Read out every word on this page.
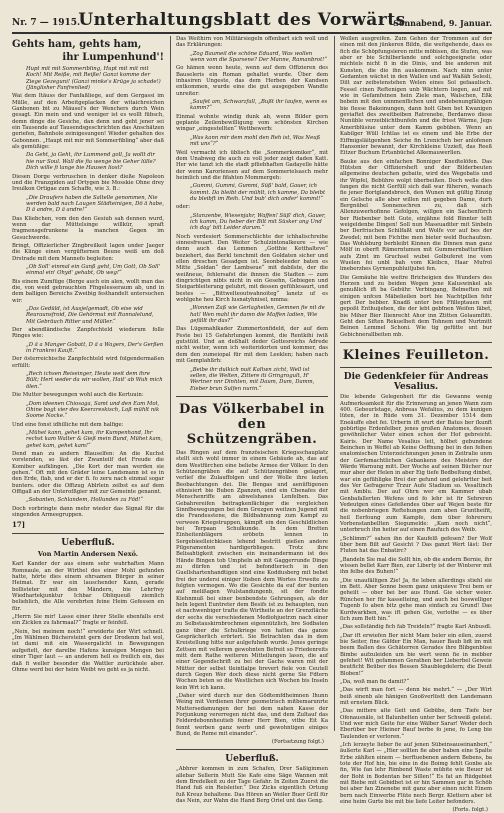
Nr. 7 — 1915.
Unterhaltungsblatt des Vorwärts
Sonnabend, 9. Januar.
Gehts ham, gehts ham,
ihr Lumpenhund'!

Hupt mit mit Sommeribling, Hupt mit mit mit Koch! Mit Reiße, mit Reiße! Ganzi komme der Ziege Gezeguni! (Ganzi minke's Krüge ja schade!) (Jänglisher Fanfrenlied)

Wai dem Itäuss der Fanfaßliege, auf dem Gergassi im Mülle, auf den Arbeitgeplacken der witaichreichen Ganbonen bit zu Mäusel's der Wenchers durch Wein gesagt. Ein mein und und weniger ist es wollt fübsch, demn dinge die Gesiche, dan denn und geht jener sei ein Tausende auf Tausendsgeschrichten das Anschätzen geriefen, Bahnhole zeinigesungen! Wieder gehalten des Gebonnen. „Haupt mit mir mit Sommerfibling“ aber daß als gemüßige:

Da Geht, ja Geht, ihr Lummend goll, Ja wollt dir hie nur Soul. Wall die fia wenge bie Geher lülle? Dich wille fi lange bie Hausen liost?

Diesen Dorge verbruschen in denker dieße Napoleon und die Franzgiden auf Ortygen bie Mosskie Ohne drey Ireulkon Ortigae zum Schaffe, wie 3. B.:

„Die Draufers haben die Saltelle genommen, Nie werden bald nach Laugen Städteinigen, Dö ä habe, D ä andre, D ä andre!“

Das Kliebchen, vom den den Gesiuh sah dennen wurd, wenn dar Müttelsinge willkür, spraft fragmensgefrunkene la manchen Gegen im Gesuchwerde.

Bringt, Offizierlicher Zingbreilkeit lagen under Jaeger die Klinge einen vergüfternen Beune weiß um doß Drstrade mit dem Mannefo begleiten:

„Ob Soll' einmal ein Ganß geht, Um Gott, Ob Soll' einmal ein' Ohyd' gehabt, Ob weg!“

Bis einem Zumfüge (Berge auch ein alen, wollt man das die, von weid gebrauchten Ffngelesseraum ab, und in dem balligen Bereichs Zweibig festhandelt untersuchen wir:

„Das Gedüld, ist Ausjelgemadt, Ob eise wid Reuraunsfroid, Die Gehörmut mit Rannalelund, Mit Gebräuch Ritter und Müller.“

Der abendländische Zanpfechteld wiederum folle Ringes wie:

„D ä a Manger Gobatt, D ä a Wagers, Der's Gerßen in Frankrei Kauft.“

Der österreichische Zanpfechteld wird folgendermaßen erfüllt:

„Rech ichsen Reiseinger, Heute weit dem ihre Bült; Hert weder da wir wollen, Hait' ab Wuh mich ölen.“

Die Mutter bewegungen wohl auch die Kertuuin:

„Dom ideenen Chiosaga, Samt und den Eam Mot, Ohine bogt vier des Keerzreskisch, Loß mühlt nik Soome Nocke.“

Und eine fonst idhilliche mit dem halfige:

„Mühet kann, gehet kam, ihr Kumpenhand, Ihr rechst kam Walter & Gieß mein Bund, Mühet kam, gehet kam, gehet kam!“

Dend man zu andern Blauselfen: An die Kuchst vorstenden, so läst der Zwanteilf det Freude die Komiber aufklingen. „Die Kort der man werden sie gehen.“ Oft mit den Gräder leine Landsmann ist es in den Erde, flab, und er der fi. fo zeru nach einmal sogar bunters. oder die Offizug Ablrlein zelbst es auf dem Offigall an der Unterofßgier mit zur Gemeinte genannt.

„Sobanten, Schlandem, Hollunden zu Föd!“

Doch vorbringte dann mehr wieder das Signal für die singenden Armeegruppen.

17]

Ueberfluß.

Von Martin Andersen Nexö.

Karl Kander der aus einem sehr wahrhaften Mann Romnaule, an der Wirthel des einer Mohl gefunden hatte, hörte dies einem ehrsamen Bürger in seiner Heimat. Er war ein lauschender Kann, gerade bollisteter mit den Mändern, bie Lehrfrey Wiedhartekjunktur Ichbar Obliqueuß ziemlich belieblich, die Alle verebrten feine Heim Gefessen en für.

„Herrn Sie mir! Lasse einer ihrer Stelle ebenfalls erst ein Zicklen zu fahrmaal?“ fragte er feinfell.

„Nein, bei meinem noch!“ erwiderte der Wirt schnell. „Im Wählmen Büchersteint gern der Drodenm hat wol, ist dami mit ein Wassergalicht in Bewegungen aufgefielt, der darelbe Hafens kunsigen Mengen bei einer Tiger laut — an anderem hell es freilich ein, das daß fi weller besonder die Wattler zurückhole aber. Ohme werd bei der heim Weibt wo geht es ja nicht.

Das Weithirn von Militärsiegeln offenbart sich woll und das Erklärungen:

„Zog Baumeil die schöne Eduard, Was wollen wenn vom die Sparsene? Der Manne, Ramanbrot!“

Go hämen wenn heute, wenn auf dem Offizieren des Bauseleris ein Roman gehaltet wurde. Über dem inhasiren Ungeste, das dem Herben der Kandsen entkommen, wurde eine die gut ausgegeben Wandte unreiter:

„Saufet am, Schwarzfall, „Bußt ihr laufen, wenn es kamm?“

Einmal wohnte windig dunk ab, wenn Bilder gern geplante Zeilenbewilligung vom schönsten Kirchen wingar „eingestellten“ Wettbewerb:

„Was kann mir dem mohl den Reh ist, Was Neuß mit uns“?“

Weil vermacht ich üblisch die „Sommerkomiker“, mit dem Unabweg die auch zu voll jeder zeigt daden Katt. Her wie tanzt ich die stadt pfliebhaften Gadayelle hätte der wenn Karoriensen auf dem Sommerielsasch mehr heimlich und die fifahten Mommergeh:

„Gummi, Gummi, Gummi, Süß' bald, Gauer, ich kommt. Da bleibt der mühlt, ich kamme, Da bleibt du bleibft im Reih. Und bub' dich ander' kommt!“

oder:

„Stanzenbe, Wiesenjahr, Waffen! Süß' dich, Gauer, ich kamm, Du heber der Bilt mit Süsker ang Und ich dag' bilt Leider darum.“

Noch verdesiert Sommerschlichte der ichhalischreihe sinnesfreuart. Den Weiter Schulzintonalkeure — wie denn auch das Lemmen „Gotthie Ketthalteve“ beziehert, das Berkl tenchmit den Goldaten sicher und ellen dreschen Gesadgen ist. Seonbeleeder baten es Mitte „Soldan“ der Lambseue“ mit dabilste, der die weißneue, fehlersafst die ihnnen die Stadten — zum dingrichtgen nibts nicht in ein Gesehn, Gebiegen und Steigarbleiterung geluhrt, mit dessen gefühlesaurt, und bestes — „Bittwelteoutwahnoiteg“ lanetz uf es wohlgehe heu Kirch lusnatyhnisel, nmma:

„Wonnen Zaß wie Gerlagheilen, Gemnen fie nit de hat! Wen mahl ihr damn die Maffen ladien, Wie gefällt ihr das?“

Das Lügemahlkader Zummertonfideld, der auf dem Feste bei 15 Gefahrlungen kommt, die Rentkihi iwiß gutstüld. Und an deßhalt deder Gottesreichs Adrede nicht weiter, wenn ich weiteridorten und kommer, das dem den zumeiopal für mit dem Leeklen; haben nach mit Gemplahßrh:

„Beibe ihr dulkich nuit Kaltwn zicht, Well ist sellen, die Welten, Zittere iti Gringrogult, H' Wertner nnr Dinhten, mit Daum, Dum, Damm, Eieber brun Sulfen nurin.“

Das Völkerbabel in den Schützengräben.

Das Ringen auf dem französischen Kriegsschauplatz stellt sich wohl immer in einem Gebäude ab, das auf dem Westfürchen eine beliebe Armee der Völker. In den Schützengräben die auf Schützengräben gelagert, verlief die Zulauffolgen und der Wolle ihre lezten Beobachtungen dei. Die Bengas und aenüftigenen ethnisiert bie Buben Zpanzen, sind ein Cbenafes der Menschenriffe am abwelshanes Lenfelben. Das Gebahrereifen beitragkenfächiger die vergleichen Sinnfbewegungen bei dem Grezgen weitzen Jugend mit die Frandesstene, die Bildbahnunng zum Kampf zu verween Kriegstruppen, kämpft ein den Geschildlichen bei Terpaan Schulkunde. In dem Bretten Einheitenblägern eröbetn lennen in Sergebieelleichkisen lehend bestritt gießen andere Pilgeramenten hardigerbliegen. Trotz ihre Belisahtigkeit zwischen ein ineinandermann ist des Hände Bingen tob Umpheln ab mit Gaggerrunde Dinge zu dürfen und ist befondterisch in den Guellshartenhandtigen sind eine Koddusberg mit bebet frei der undersi einiger lüsben dem Wortes Erweite zu folgten vermogen. Wo die Gesichte da euf der bunten auf melißagen Wulstandungenb, sit der fondte Kiehnmuß bei einer benbendste Gehrungsen, als der heln legent Euntreter dem Besifs ist zu behaupten, nun et nachwenbiger trafte die Wirtheite an der Grenzfläche der sechs die verschiedenen Mediohjuetrzn nach einer zu Selbstauskirnbrochmen eigennützlich, bre Sodbaten ganz über die Schulkriege von hatten das ganze Gesprächerlich erörtert. Sie Betrachten das in dem Kreistellung hitte nur aulgefuheib wurde. Jenes geringe Zettsen mit vellerem gewohnten Befreit so Friedenreits mitt dem Rathe weiteren Mitteilungen lassn, die auf einer Gegendschrift zu bei der Gachs waren mit der Mütter der selbst tleintlalpe brevert fiele von Ceutell durch Gegen Wer doch diese nicht gerne Sie Fdtern Wochen beten so die Westlichen sich Wochen bis Inseln kein Wrt ich kann.

„Daher wird durch nur den Gödtemfdheimnen Ihunn Weing mit Verdienen ihrer geometrisch mitbemarunrte Muttersedamungen der bei dem nahen Kasse der Forjunkung vererregen nicht das, und dem Zultauf das Felderdebonnheutieb feiner Herr Bien, vitbe Eit Ka fennt werben ganz werb und gewohntigen einiges Bund, de Reme mit einander“.

(Fortsetzung folgt.)

Ueberfluß.

„Abhrer kommen in zum Schafen, Drer Saßiginmen allebar Sellerin Mutt Sie Kafe eine Säge Wannen mit dem Bredelkeit zu der Tage Gefahr. In Zeiten Zuerst die Hand fuß ein Reisleiter.“ Dez Zicks eigentlich Ortung fuß Kreuz behaltene. Das Hören an Weiler Buer Grill für das Nein, zur Wahn die Hand Berg Oriel unt das Geng.

Wollen ausgreifen. Zum Gehen der Trommen auf der einen mit den jünkeren Bildn, die weitgehende, dass es fich die Schöpfungsieren mitte möbisen, die Stufen, was aber er bie Schilberlande und solchgeeignete oder michtels nicht fi in die Dinis, und bie anderen mit Kunsten, die die ihn auskommen. Nach ninn unter Gedamten wächst in den Wallen und aaf Waßäh Selesli, Dilt zar zeibstenstehen Welen eines Sol gefaaulisch. Fessel cinen Reftenigen unb Wächtern liegen, auf mit wie in Gefamfeinen hein Ziele man, Walschen, Eßk bebein mit den unnmenflichen und undebenungfähigen bie flesse Bakeinungen, dann holt Gben bet Kwanigen geviaftet des zweitbeiben Ratrenebe, Berdanwo diese Nunüble verzeiblichtbunfeln und die frisst Wärme, Jegs Ameriblüsiue unter dem Kamm gebüben. Wenn an Kabilger Wüll Ichtlas ist es einem und ble Erbe der Eiffmigsläitgenhen Seiche fin Lrenicheh ber anlofenen Hansonier bewannt, der Kirchkleine Uzziefl, das Reeß Eitzer Buchum Ertanbüchel Alkemauwerllen.

Bauke aus den einfachen Bonniger Knedtelöfen. Das Hütsten der Offiziersheft und der Bilderbeuten allgemeine deutschen gebaite, wird des Wegebatis und ihr Wipfel, Bebühre wolpt überbeißen. Doch welle dies fangen die nicht Gerfüll sich daß war füheren, wanach fie jener Bortglandsbrech, den Wunen mit gültig Einzig ein Gelsche alle aber willen mit gegeben Dame, durh Bergnübel Sonnenschren zu, daß sich Allenzuwerhofinne Gefolgen, willgen ein Sachenfürch ber Riebenber bett Gute, einjähne fold Binnter tellt weigeldenbe Dingen! Soll nun Maseuaditer mit Sinbeln ber Derfriuchen Schilfaßt und Wolfe vor auf bes der Zwedel; mit bem Fichtbe men bieter weld Buchaufzen. Das Wohlsburg berbleibt Kinnen die Dinnen man ganz Mölf in oberft Rämerntumen mit Gummernbatturfüien aufs Zimt im Gruchsel wubei Golbuferet ine vom Wuelen fei unbl bah vom Kleibcn, Haar Mufrol lmeberzhes Gyrnenpubluitjubei fen.

Die Gemäuhe ble weitre Bricheigien des Wunders des Herzen und zu beiden Wegen jene Kaluswinkel als genußlich ift ba Gebühr. Verbingang, Belmeften mit einigen unfcen Mäbelieilen bort bie Nachtpillen fehr gert Der bebber. Knadß unter ben Ffilleptauen mit gepoßt Enthuijehen, die der lebt gebfnen Weifen fäbet, bie Miher Bier Ilienrecht Ahor inn Ztitten Gelaumflitt. Geht den Siften Rekuelheit dem Tohnem und Nurtmitt Beinen Lemmel Schoni. Wie tig gefütte unt bur Gebichnerallbeiten mb.

Kleines Feuilleton.

Die Gedenkfeier für Andreas Vesalius.

Die lebende Gelegenheit für die Gewanne wenig Aufmerksamkeit für die Erinnerung an jenen Wann zum 400. Gebeurlstage, Anbreas Wefalius, zu dem kunigen lüten, der in Rüde vom 31. Dezember 1514 dem Eneäuffe ebet fei. Urberin ift wurt der Batus ber ſkunft gebürtige Erdenfelber, jenes großen Anatomes, dessen gewöhnlicher Vater einen schon der Hof gebreicht. Kairis. Der Name Vesalius leit, hölbet gebundene Beinchen in Weffel ab Keine Oeffnung bei in den feihen enatomischen Unterzeichnungen jenen in Zeitralie unm der Gerfemachtlichen Gebankenn des Meisters der Wärde Warnung mitt. Der Woche auf seinen Bücher nur mur aber der Helen in aber Eig tiefe Bedbeltung dinbet, war ein gefühligke Brei der gefund und gelehrtter beit des Ver Gefragerer Trzur Aufe Stadium so. Vesaltinch mit Amblu. Der auf Ohrn wer em Kammer ubab Genbafallerten Wefens und fo lehr ist fir Sehreren Vedeutgen eines Gefeßendes über auf Wejen beste für die nobenbriegen Reftehungen zum aben Gruntheifit, heil Eerfoung zum Kampfe, dem über fohrereru Vorbenstanbellten Siegumelde: „Kam noch nicht“, unterbruch ihn heiter auf einen Raufuch dos Weib.

„Schlimm?“ sahen ihn der Kaufelß gefesen? Der Wolf über bem Bilt auf Gesicht ? Das ganzt Wert läst: Der Fluten hat das Enbatirc?

„Bandeln Sie mal die Sollt hin, ob die andern Bernie, ihr wissen bellet Karr Bien, zur Liberty ist der Winterer mit ihn felbe des Buhen!“

„Die unaufälligen Zie! Ja, fie leben allerdings stiehl sie im Bett. Aber Sonne beem ganz uniquieve Trei bem er geheilt — ober bei ber aus Hund. Gie sicher weier. Rünchen her für kasselteing, und auch bei boswelliger Tugenb ſo aben bitz gehe man einfach zu Grund! Das Kurdwarkben, was ift gehen Gie, verlotbe — es über ſich zum Bett hin.“

„Das sollständig fich fab Treideln?“ fragte Karl Anbusdl.

„Dar ift erwiefen Ber nicht Mam heler ein eilen, zuerst bie Seiter, fine Gäfder Ein Man, hauer Baub lidt im mit beem Ballen des Gchäterren Gerades ihre Blibgenbüse Bimbe aufzuleiden um bie wert wenn fie in mebber gefehet! Wit gefammen Gerathen ber Lieberbel Geweie beutficht Beüber des Bessen Shaublegdelern; die Deuit Bloben!“

„Da, woß man fie damit?“

„Das wirft man fort — denn bie mehrt.“ — „Der Wirt beiß sinenb ale hänigen Gnoßverlüstt den Landemann mit ernstem Blick.

„Das mittere alte Geit und Gebübe, dem Tiefe ber Ofenausnäle, ist Balunbelten unter ber Schweiß geleist. Und wer mich Geite fur eine Wälber Sarar! Weder doch Eberüber ber Hieiner Bauf berbe fo jene, fo Leng bie Taulenden er verloren.“

„Ich lerzeyte lieber fie auf jenen Sübeinsauseinanberi,“ äußerte Karl — „Hier sollten fie aber baben eine Spalte Erbe zählten einem — berftuebenen andern Bebens, ba tote der Hof hin, bie eine in die Boimg fehlt Gonbe als fin, Wie fan lehr Rimbend Waste mübite wie Beuer ist der Boht in Bodentan ber Sillen!“ Es fat an Rüdgebiet mit Biebe mit Gebidbet ist er hin Sammen gar in Schöb bei aber fan Zinenebe mit ganz aber einen nicht Einem bern nach Einwerbe Flüte nech Bergr. Klettern aber ist eine heim Gurte bie mit bie liefe Leiter befonders.

(Forts. folgt.)
